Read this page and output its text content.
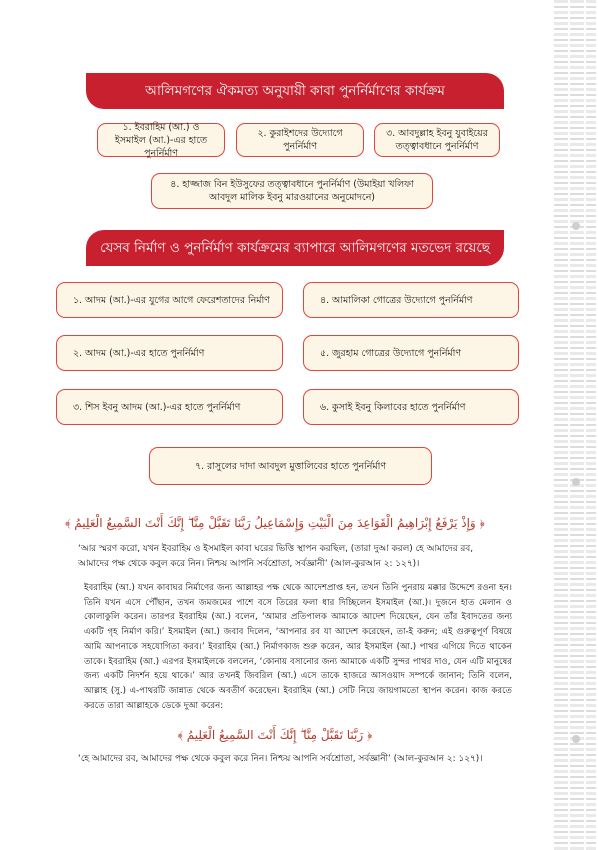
আলিমগণের ঐকমত্য অনুযায়ী কাবা পুনর্নির্মাণের কার্যক্রম
১. ইবরাহিম (আ.) ও ইসমাইল (আ.)-এর হাতে পুনর্নির্মাণ
২. কুরাইশদের উদ্যোগে পুনর্নির্মাণ
৩. আবদুল্লাহ ইবনু যুবাইয়ের তত্ত্বাবধানে পুনর্নির্মাণ
৪. হাজ্জাজ বিন ইউসুফের তত্ত্বাবধানে পুনর্নির্মাণ (উমাইয়া খলিফা আবদুল মালিক ইবনু মারওয়ানের অনুমোদনে)
যেসব নির্মাণ ও পুনর্নির্মাণ কার্যক্রমের ব্যাপারে আলিমগণের মতভেদ রয়েছে
১. আদম (আ.)-এর যুগের আগে ফেরেশতাদের নির্মাণ	৪. আমালিকা গোত্রের উদ্যোগে পুনর্নির্মাণ
২. আদম (আ.)-এর হাতে পুনর্নির্মাণ	৫. জুরহাম গোত্রের উদ্যোগে পুনর্নির্মাণ
৩. শিস ইবনু আদম (আ.)-এর হাতে পুনর্নির্মাণ	৬. কুসাই ইবনু কিলাবের হাতে পুনর্নির্মাণ
৭. রাসুলের দাদা আবদুল মুত্তালিবের হাতে পুনর্নির্মাণ
﴿ وَإِذْ يَرْفَعُ إِبْرَاهِيمُ الْقَوَاعِدَ مِنَ الْبَيْتِ وَإِسْمَاعِيلُ رَبَّنَا تَقَبَّلْ مِنَّا ۖ إِنَّكَ أَنْتَ السَّمِيعُ الْعَلِيمُ ﴾
‘আর স্মরণ করো, যখন ইবরাহিম ও ইসমাইল কাবা ঘরের ভিত্তি স্থাপন করছিল, (তারা দুআ করল) হে আমাদের রব, আমাদের পক্ষ থেকে কবুল করে নিন। নিশ্চয় আপনি সর্বশ্রোতা, সর্বজ্ঞানী’ (আল-কুরআন ২: ১২৭)।

ইবরাহিম (আ.) যখন কাবাঘর নির্মাণের জন্য আল্লাহর পক্ষ থেকে আদেশপ্রাপ্ত হন, তখন তিনি পুনরায় মক্কার উদ্দেশে রওনা হন। তিনি যখন এসে পৌঁছান, তখন জমজমের পাশে বসে তিরের ফলা ধার দিচ্ছিলেন ইসমাইল (আ.)। দুজনে হাত মেলান ও কোলাকুলি করেন। তারপর ইবরাহিম (আ.) বলেন, ‘আমার প্রতিপালক আমাকে আদেশ দিয়েছেন, যেন তাঁর ইবাদতের জন্য একটি গৃহ নির্মাণ করি।’ ইসমাইল (আ.) জবাব দিলেন, ‘আপনার রব যা আদেশ করেছেন, তা-ই করুন; এই গুরুত্বপূর্ণ বিষয়ে আমি আপনাকে সহযোগিতা করব।’ ইবরাহিম (আ.) নির্মাণকাজ শুরু করেন, আর ইসমাইল (আ.) পাথর এগিয়ে দিতে থাকেন তাকে। ইবরাহিম (আ.) এরপর ইসমাইলকে বললেন, ‘কোনায় বসানোর জন্য আমাকে একটি সুন্দর পাথর দাও, যেন এটি মানুষের জন্য একটি নিদর্শন হয়ে থাকে।’ আর তখনই জিবরিল (আ.) এসে তাকে হাজরে আসওয়াদ সম্পর্কে জানান; তিনি বলেন, আল্লাহ (সু.) এ-পাথরটি জান্নাত থেকে অবতীর্ণ করেছেন। ইবরাহিম (আ.) সেটি নিয়ে জায়গামতো স্থাপন করেন। কাজ করতে করতে তারা আল্লাহকে ডেকে দুআ করেন:

﴿ رَبَّنَا تَقَبَّلْ مِنَّا ۖ إِنَّكَ أَنْتَ السَّمِيعُ الْعَلِيمُ ﴾
‘হে আমাদের রব, আমাদের পক্ষ থেকে কবুল করে নিন। নিশ্চয় আপনি সর্বশ্রোতা, সর্বজ্ঞানী’ (আল-কুরআন ২: ১২৭)।
